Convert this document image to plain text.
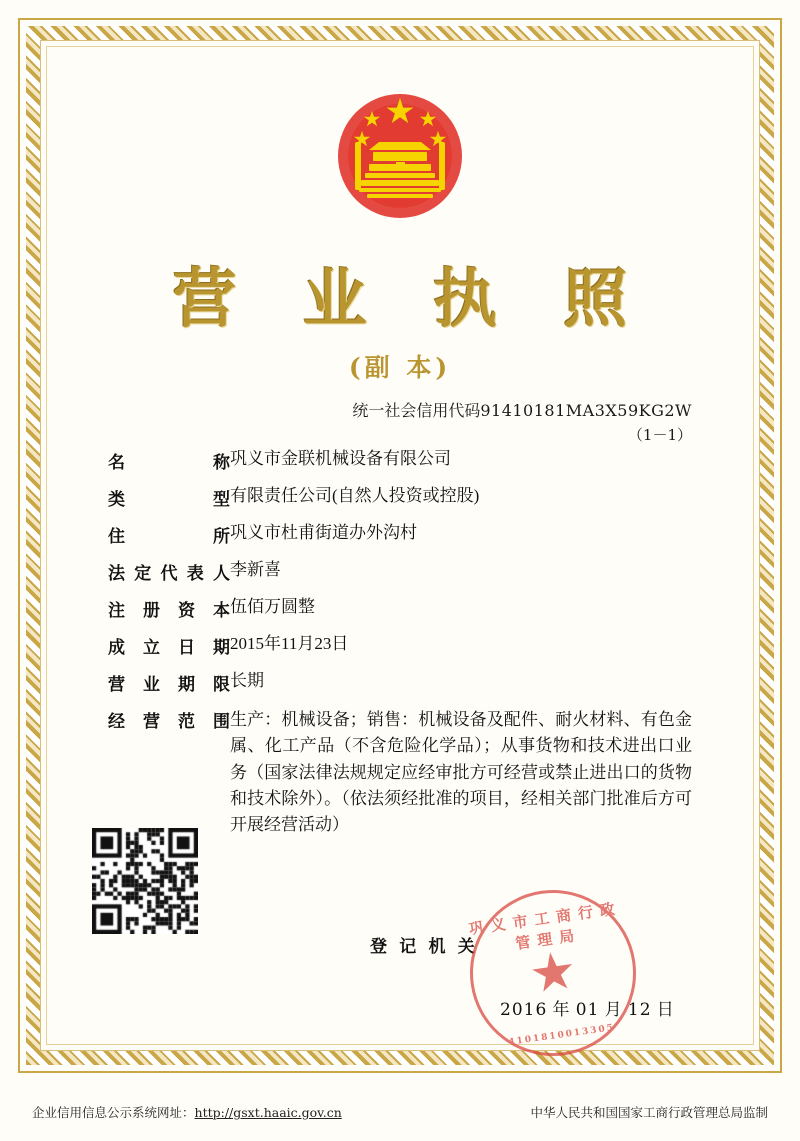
营 业 执 照
(副 本)
统一社会信用代码91410181MA3X59KG2W
（1－1）
名	称 巩义市金联机械设备有限公司
类	型 有限责任公司(自然人投资或控股)
住	所 巩义市杜甫街道办外沟村
法 定 代 表 人 李新喜
注 册 资 本 伍佰万圆整
成 立 日 期 2015年11月23日
营 业 期 限 长期
经 营 范 围 生产：机械设备；销售：机械设备及配件、耐火材料、有色金属、化工产品（不含危险化学品）；从事货物和技术进出口业务（国家法律法规规定应经审批方可经营或禁止进出口的货物和技术除外）。（依法须经批准的项目，经相关部门批准后方可开展经营活动）
登 记 机 关
巩义市工商行政管理局
4101810013305
2016 年 01 月 12 日
企业信用信息公示系统网址：http://gsxt.haaic.gov.cn	中华人民共和国国家工商行政管理总局监制
